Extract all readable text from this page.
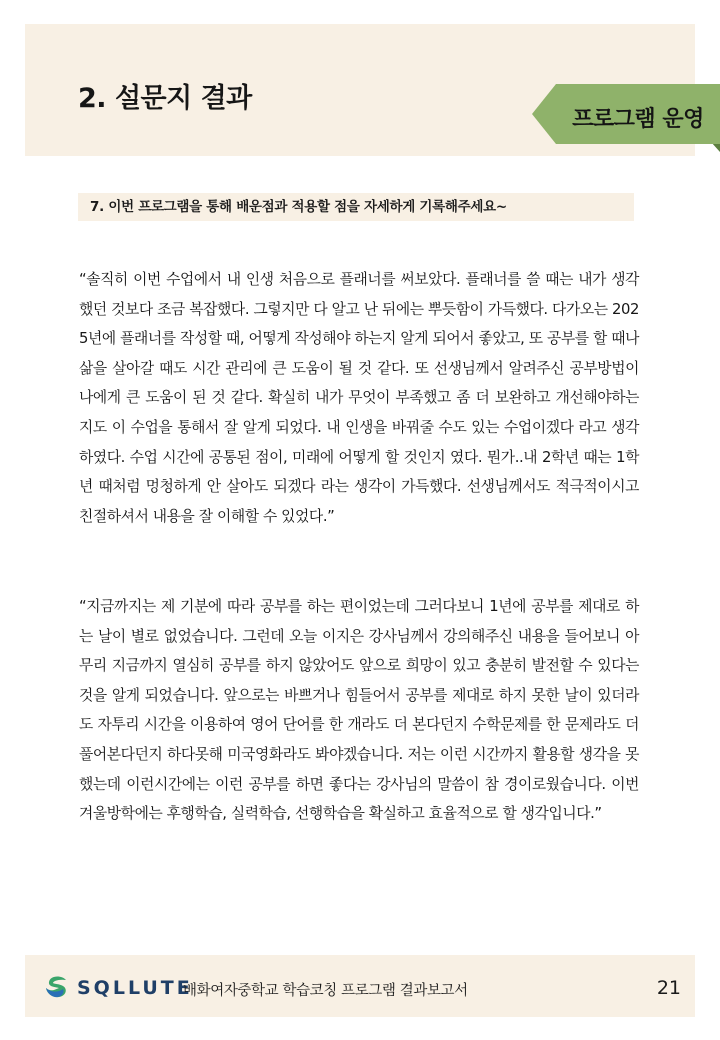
2. 설문지 결과
프로그램 운영
7. 이번 프로그램을 통해 배운점과 적용할 점을 자세하게 기록해주세요~

“솔직히 이번 수업에서 내 인생 처음으로 플래너를 써보았다. 플래너를 쓸 때는 내가 생각했던 것보다 조금 복잡했다. 그렇지만 다 알고 난 뒤에는 뿌듯함이 가득했다. 다가오는 2025년에 플래너를 작성할 때, 어떻게 작성해야 하는지 알게 되어서 좋았고, 또 공부를 할 때나 삶을 살아갈 때도 시간 관리에 큰 도움이 될 것 같다. 또 선생님께서 알려주신 공부방법이 나에게 큰 도움이 된 것 같다. 확실히 내가 무엇이 부족했고 좀 더 보완하고 개선해야하는지도 이 수업을 통해서 잘 알게 되었다. 내 인생을 바꿔줄 수도 있는 수업이겠다 라고 생각하였다. 수업 시간에 공통된 점이, 미래에 어떻게 할 것인지 였다. 뭔가..내 2학년 때는 1학년 때처럼 멍청하게 안 살아도 되겠다 라는 생각이 가득했다. 선생님께서도 적극적이시고 친절하셔서 내용을 잘 이해할 수 있었다.”

“지금까지는 제 기분에 따라 공부를 하는 편이었는데 그러다보니 1년에 공부를 제대로 하는 날이 별로 없었습니다. 그런데 오늘 이지은 강사님께서 강의해주신 내용을 들어보니 아무리 지금까지 열심히 공부를 하지 않았어도 앞으로 희망이 있고 충분히 발전할 수 있다는 것을 알게 되었습니다. 앞으로는 바쁘거나 힘들어서 공부를 제대로 하지 못한 날이 있더라도 자투리 시간을 이용하여 영어 단어를 한 개라도 더 본다던지 수학문제를 한 문제라도 더 풀어본다던지 하다못해 미국영화라도 봐야겠습니다. 저는 이런 시간까지 활용할 생각을 못했는데 이런시간에는 이런 공부를 하면 좋다는 강사님의 말씀이 참 경이로웠습니다. 이번 겨울방학에는 후행학습, 실력학습, 선행학습을 확실하고 효율적으로 할 생각입니다.”

SQLLUTE
배화여자중학교 학습코칭 프로그램 결과보고서	21
